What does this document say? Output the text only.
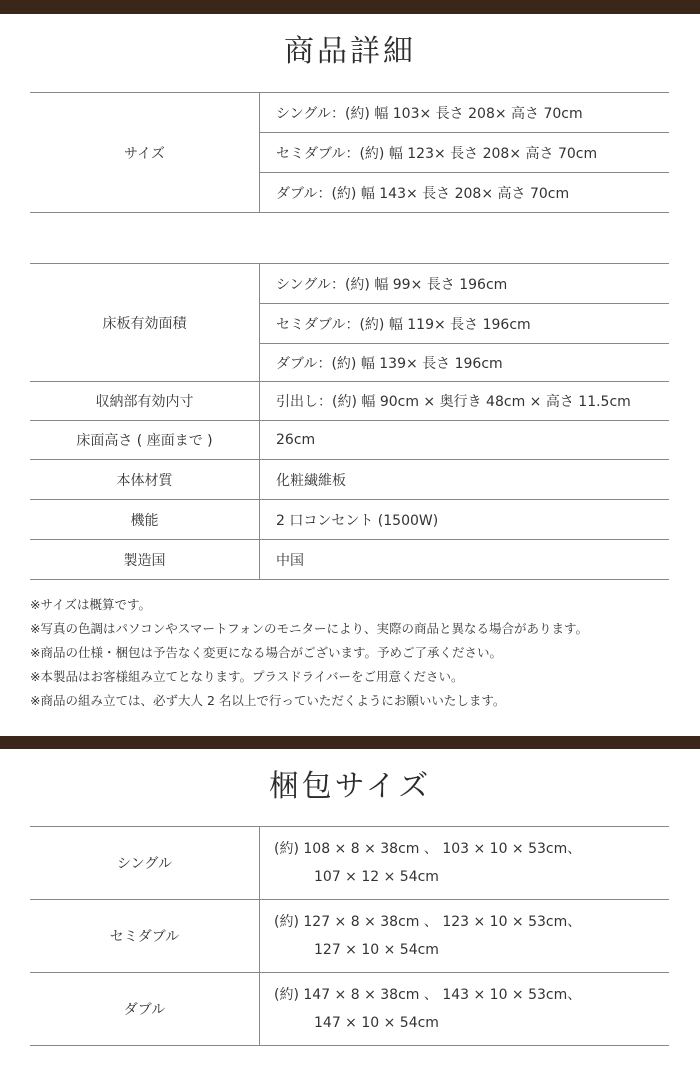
商品詳細
サイズ	シングル：(約) 幅 103× 長さ 208× 高さ 70cm
セミダブル：(約) 幅 123× 長さ 208× 高さ 70cm
ダブル：(約) 幅 143× 長さ 208× 高さ 70cm
床板有効面積	シングル：(約) 幅 99× 長さ 196cm
	セミダブル：(約) 幅 119× 長さ 196cm
	ダブル：(約) 幅 139× 長さ 196cm
収納部有効内寸	引出し：(約) 幅 90cm × 奥行き 48cm × 高さ 11.5cm
床面高さ ( 座面まで )	26cm
本体材質	化粧繊維板
機能	2 口コンセント (1500W)
製造国	中国
※サイズは概算です。
※写真の色調はパソコンやスマートフォンのモニターにより、実際の商品と異なる場合があります。
※商品の仕様・梱包は予告なく変更になる場合がございます。予めご了承ください。
※本製品はお客様組み立てとなります。プラスドライバーをご用意ください。
※商品の組み立ては、必ず大人 2 名以上で行っていただくようにお願いいたします。
梱包サイズ
シングル	(約) 108 × 8 × 38cm 、 103 × 10 × 53cm、
107 × 12 × 54cm

セミダブル	(約) 127 × 8 × 38cm 、 123 × 10 × 53cm、
127 × 10 × 54cm

ダブル	(約) 147 × 8 × 38cm 、 143 × 10 × 53cm、
147 × 10 × 54cm
